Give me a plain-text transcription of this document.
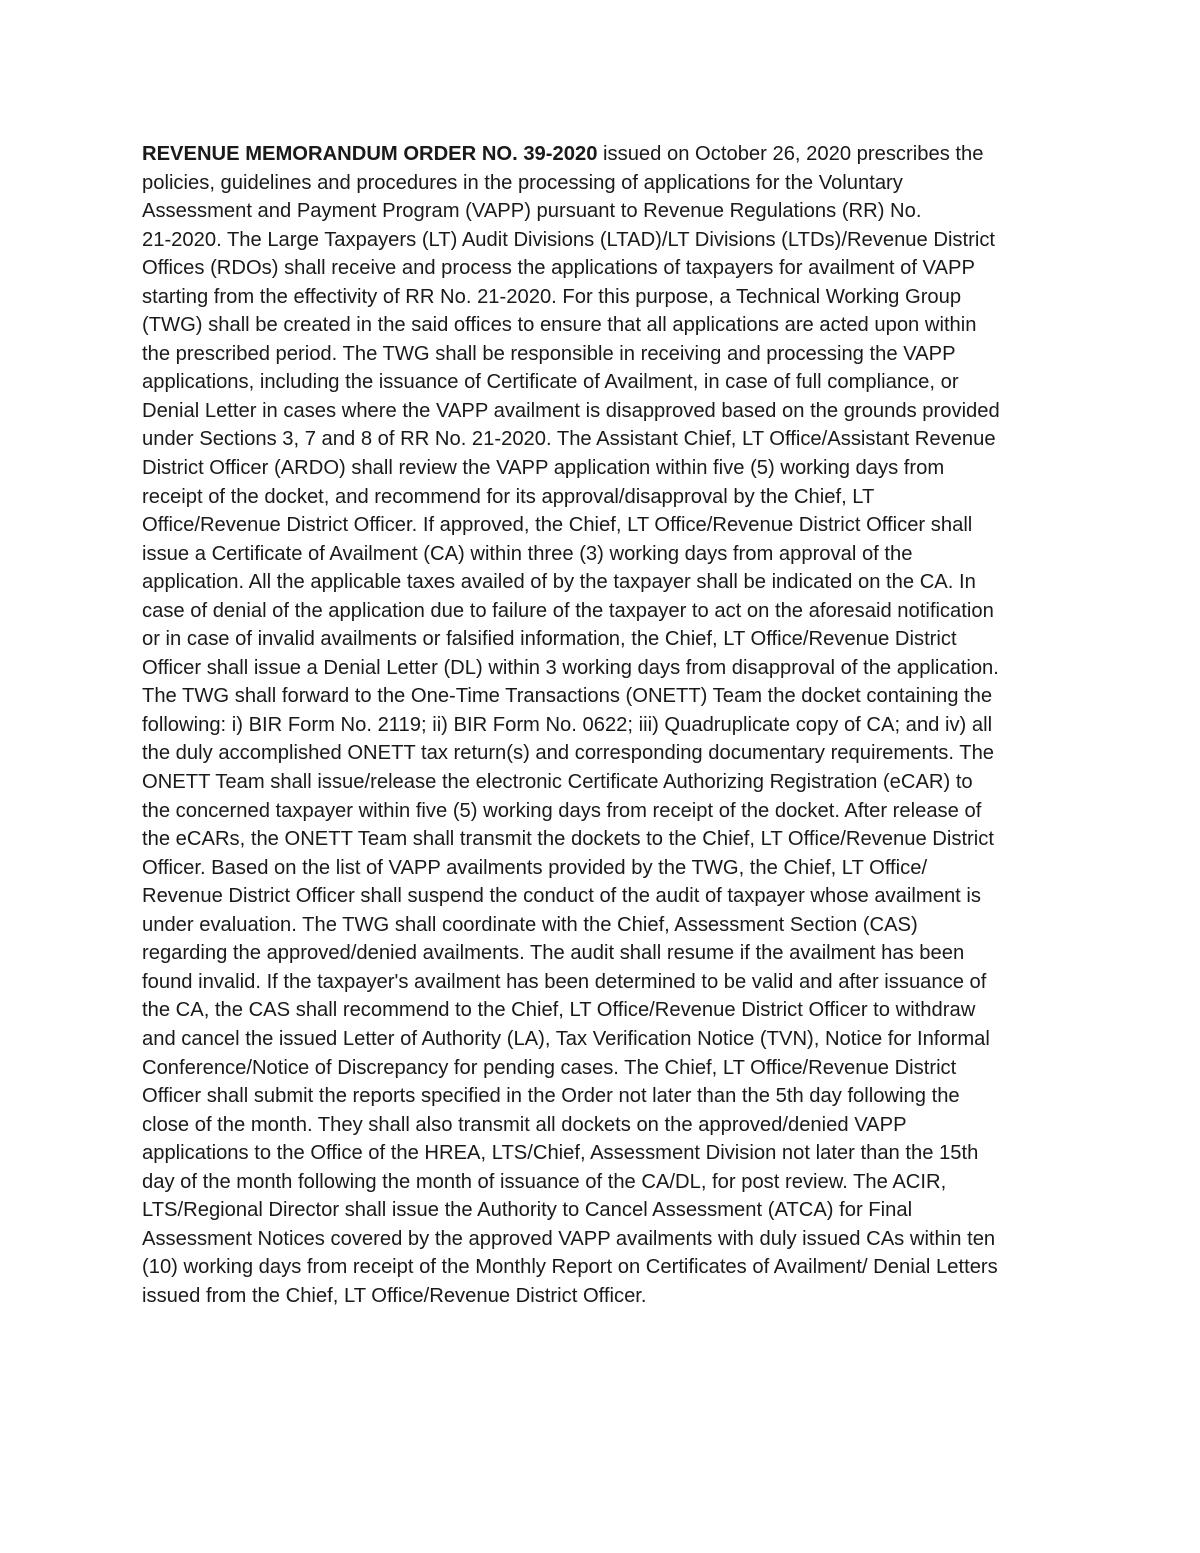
REVENUE MEMORANDUM ORDER NO. 39-2020 issued on October 26, 2020 prescribes the
policies, guidelines and procedures in the processing of applications for the Voluntary
Assessment and Payment Program (VAPP) pursuant to Revenue Regulations (RR) No.
21-2020. The Large Taxpayers (LT) Audit Divisions (LTAD)/LT Divisions (LTDs)/Revenue District
Offices (RDOs) shall receive and process the applications of taxpayers for availment of VAPP
starting from the effectivity of RR No. 21-2020. For this purpose, a Technical Working Group
(TWG) shall be created in the said offices to ensure that all applications are acted upon within
the prescribed period. The TWG shall be responsible in receiving and processing the VAPP
applications, including the issuance of Certificate of Availment, in case of full compliance, or
Denial Letter in cases where the VAPP availment is disapproved based on the grounds provided
under Sections 3, 7 and 8 of RR No. 21-2020. The Assistant Chief, LT Office/Assistant Revenue
District Officer (ARDO) shall review the VAPP application within five (5) working days from
receipt of the docket, and recommend for its approval/disapproval by the Chief, LT
Office/Revenue District Officer. If approved, the Chief, LT Office/Revenue District Officer shall
issue a Certificate of Availment (CA) within three (3) working days from approval of the
application. All the applicable taxes availed of by the taxpayer shall be indicated on the CA. In
case of denial of the application due to failure of the taxpayer to act on the aforesaid notification
or in case of invalid availments or falsified information, the Chief, LT Office/Revenue District
Officer shall issue a Denial Letter (DL) within 3 working days from disapproval of the application.
The TWG shall forward to the One-Time Transactions (ONETT) Team the docket containing the
following: i) BIR Form No. 2119; ii) BIR Form No. 0622; iii) Quadruplicate copy of CA; and iv) all
the duly accomplished ONETT tax return(s) and corresponding documentary requirements. The
ONETT Team shall issue/release the electronic Certificate Authorizing Registration (eCAR) to
the concerned taxpayer within five (5) working days from receipt of the docket. After release of
the eCARs, the ONETT Team shall transmit the dockets to the Chief, LT Office/Revenue District
Officer. Based on the list of VAPP availments provided by the TWG, the Chief, LT Office/
Revenue District Officer shall suspend the conduct of the audit of taxpayer whose availment is
under evaluation. The TWG shall coordinate with the Chief, Assessment Section (CAS)
regarding the approved/denied availments. The audit shall resume if the availment has been
found invalid. If the taxpayer's availment has been determined to be valid and after issuance of
the CA, the CAS shall recommend to the Chief, LT Office/Revenue District Officer to withdraw
and cancel the issued Letter of Authority (LA), Tax Verification Notice (TVN), Notice for Informal
Conference/Notice of Discrepancy for pending cases. The Chief, LT Office/Revenue District
Officer shall submit the reports specified in the Order not later than the 5th day following the
close of the month. They shall also transmit all dockets on the approved/denied VAPP
applications to the Office of the HREA, LTS/Chief, Assessment Division not later than the 15th
day of the month following the month of issuance of the CA/DL, for post review. The ACIR,
LTS/Regional Director shall issue the Authority to Cancel Assessment (ATCA) for Final
Assessment Notices covered by the approved VAPP availments with duly issued CAs within ten
(10) working days from receipt of the Monthly Report on Certificates of Availment/ Denial Letters
issued from the Chief, LT Office/Revenue District Officer.
